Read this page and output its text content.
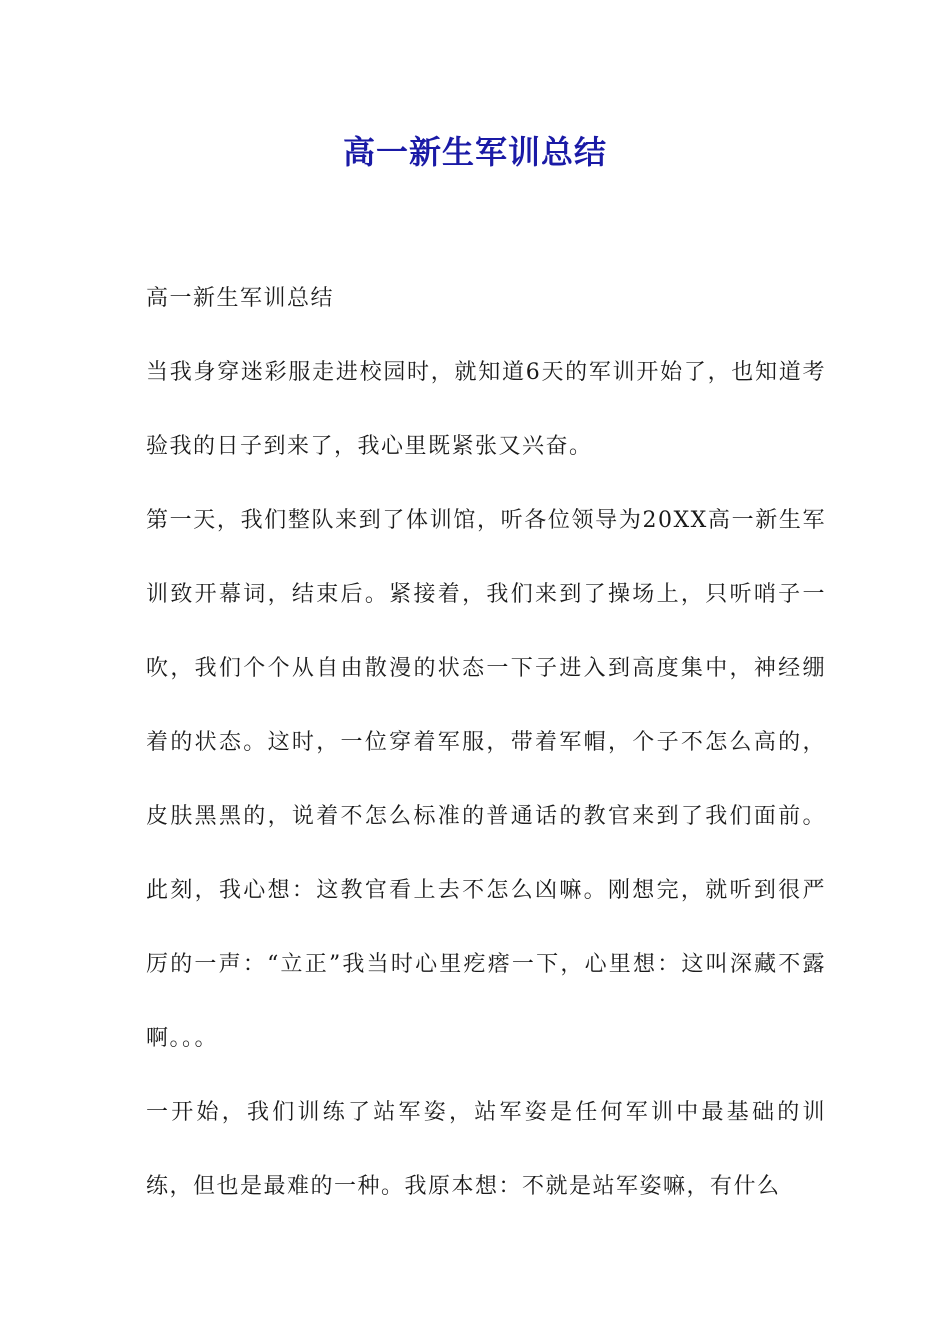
高一新生军训总结

高一新生军训总结

当我身穿迷彩服走进校园时，就知道6天的军训开始了，也知道考验我的日子到来了，我心里既紧张又兴奋。

第一天，我们整队来到了体训馆，听各位领导为20XX高一新生军训致开幕词，结束后。紧接着，我们来到了操场上，只听哨子一吹，我们个个从自由散漫的状态一下子进入到高度集中，神经绷着的状态。这时，一位穿着军服，带着军帽，个子不怎么高的，皮肤黑黑的，说着不怎么标准的普通话的教官来到了我们面前。此刻，我心想：这教官看上去不怎么凶嘛。刚想完，就听到很严厉的一声：“立正”我当时心里疙瘩一下，心里想：这叫深藏不露啊。。。

一开始，我们训练了站军姿，站军姿是任何军训中最基础的训练，但也是最难的一种。我原本想：不就是站军姿嘛，有什么
